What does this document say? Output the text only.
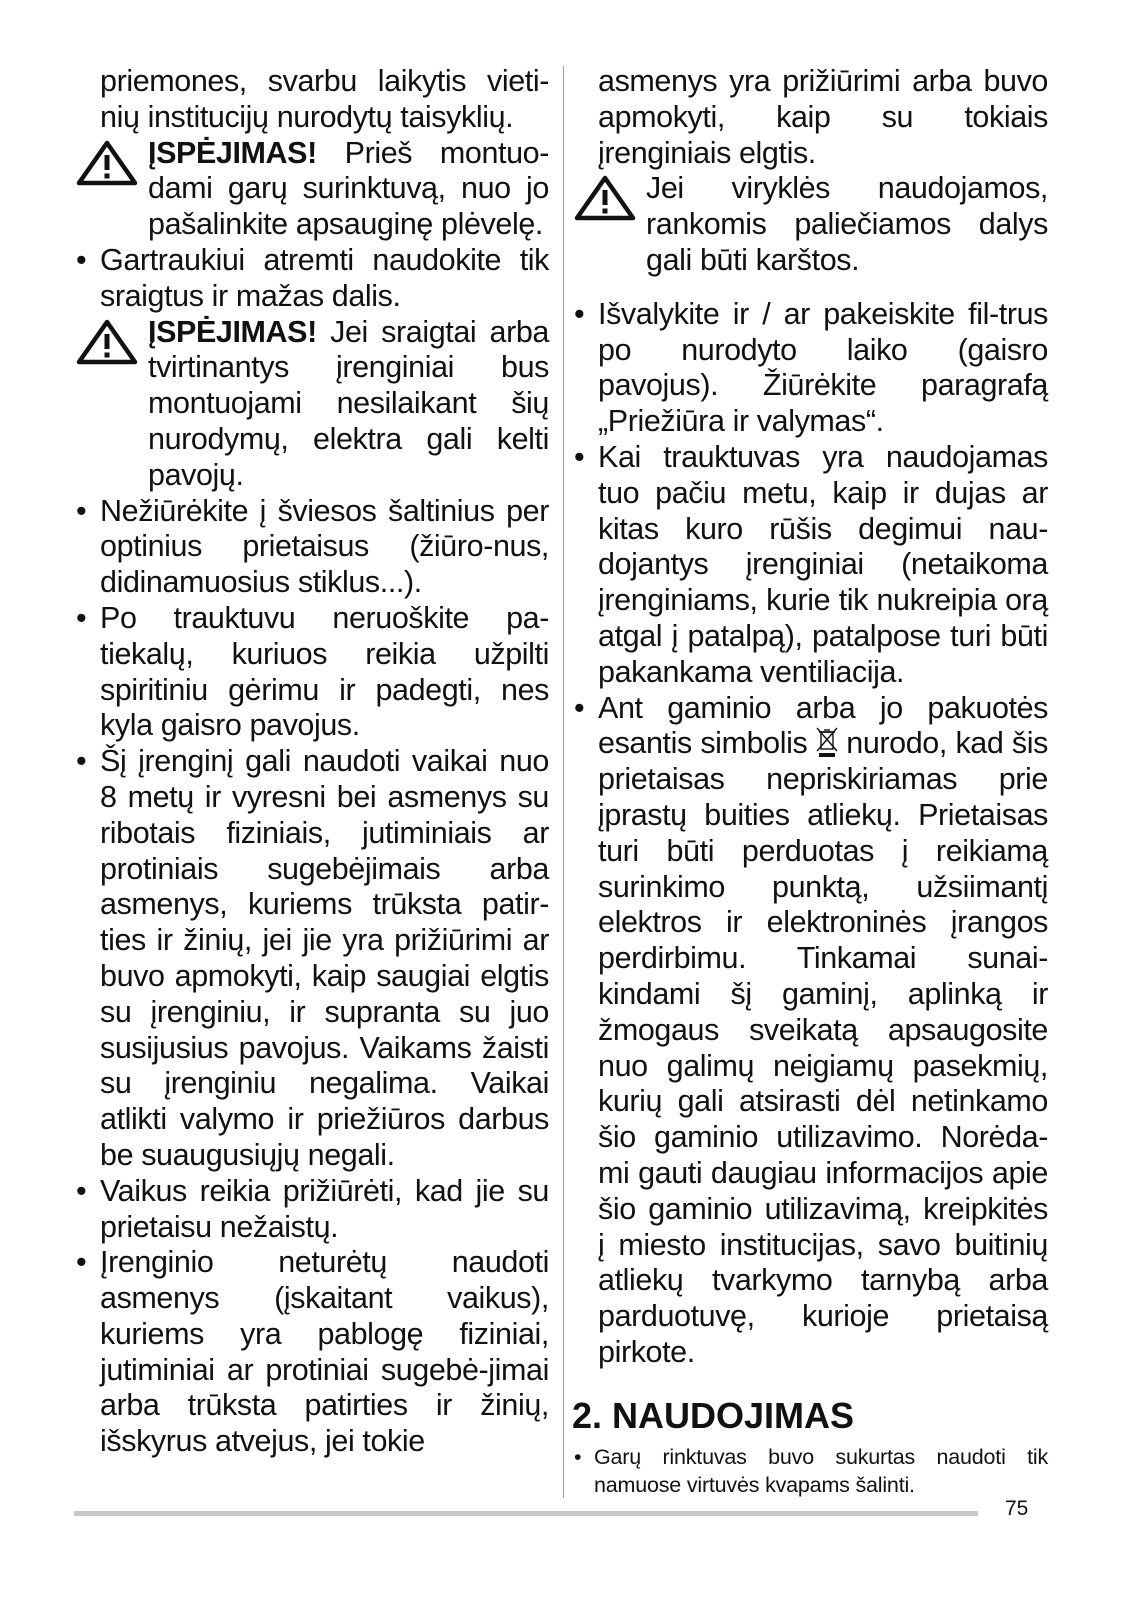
priemones, svarbu laikytis vieti-nių institucijų nurodytų taisyklių.

ĮSPĖJIMAS! Prieš montuo-dami garų surinktuvą, nuo jo pašalinkite apsauginę plėvelę.

• Gartraukiui atremti naudokite tik sraigtus ir mažas dalis.

ĮSPĖJIMAS! Jei sraigtai arba tvirtinantys įrenginiai bus montuojami nesilaikant šių nurodymų, elektra gali kelti pavojų.

• Nežiūrėkite į šviesos šaltinius per optinius prietaisus (žiūro-nus, didinamuosius stiklus...).

• Po trauktuvu neruoškite pa-tiekalų, kuriuos reikia užpilti spiritiniu gėrimu ir padegti, nes kyla gaisro pavojus.

• Šį įrenginį gali naudoti vaikai nuo 8 metų ir vyresni bei asmenys su ribotais fiziniais, jutiminiais ar protiniais sugebėjimais arba asmenys, kuriems trūksta patir-ties ir žinių, jei jie yra prižiūrimi ar buvo apmokyti, kaip saugiai elgtis su įrenginiu, ir supranta su juo susijusius pavojus. Vaikams žaisti su įrenginiu negalima. Vaikai atlikti valymo ir priežiūros darbus be suaugusiųjų negali.

• Vaikus reikia prižiūrėti, kad jie su prietaisu nežaistų.

• Įrenginio neturėtų naudoti asmenys (įskaitant vaikus), kuriems yra pablogę fiziniai, jutiminiai ar protiniai sugebė-jimai arba trūksta patirties ir žinių, išskyrus atvejus, jei tokie

asmenys yra prižiūrimi arba buvo apmokyti, kaip su tokiais įrenginiais elgtis.

Jei viryklės naudojamos, rankomis paliečiamos dalys gali būti karštos.

• Išvalykite ir / ar pakeiskite fil-trus po nurodyto laiko (gaisro pavojus). Žiūrėkite paragrafą „Priežiūra ir valymas“.

• Kai trauktuvas yra naudojamas tuo pačiu metu, kaip ir dujas ar kitas kuro rūšis degimui nau-dojantys įrenginiai (netaikoma įrenginiams, kurie tik nukreipia orą atgal į patalpą), patalpose turi būti pakankama ventiliacija.

• Ant gaminio arba jo pakuotės esantis simbolis  nurodo, kad šis prietaisas nepriskiriamas prie įprastų buities atliekų. Prietaisas turi būti perduotas į reikiamą surinkimo punktą, užsiimantį elektros ir elektroninės įrangos perdirbimu. Tinkamai sunai-kindami šį gaminį, aplinką ir žmogaus sveikatą apsaugosite nuo galimų neigiamų pasekmių, kurių gali atsirasti dėl netinkamo šio gaminio utilizavimo. Norėda-mi gauti daugiau informacijos apie šio gaminio utilizavimą, kreipkitės į miesto institucijas, savo buitinių atliekų tvarkymo tarnybą arba parduotuvę, kurioje prietaisą pirkote.

2. NAUDOJIMAS

• Garų rinktuvas buvo sukurtas naudoti tik namuose virtuvės kvapams šalinti.

75
